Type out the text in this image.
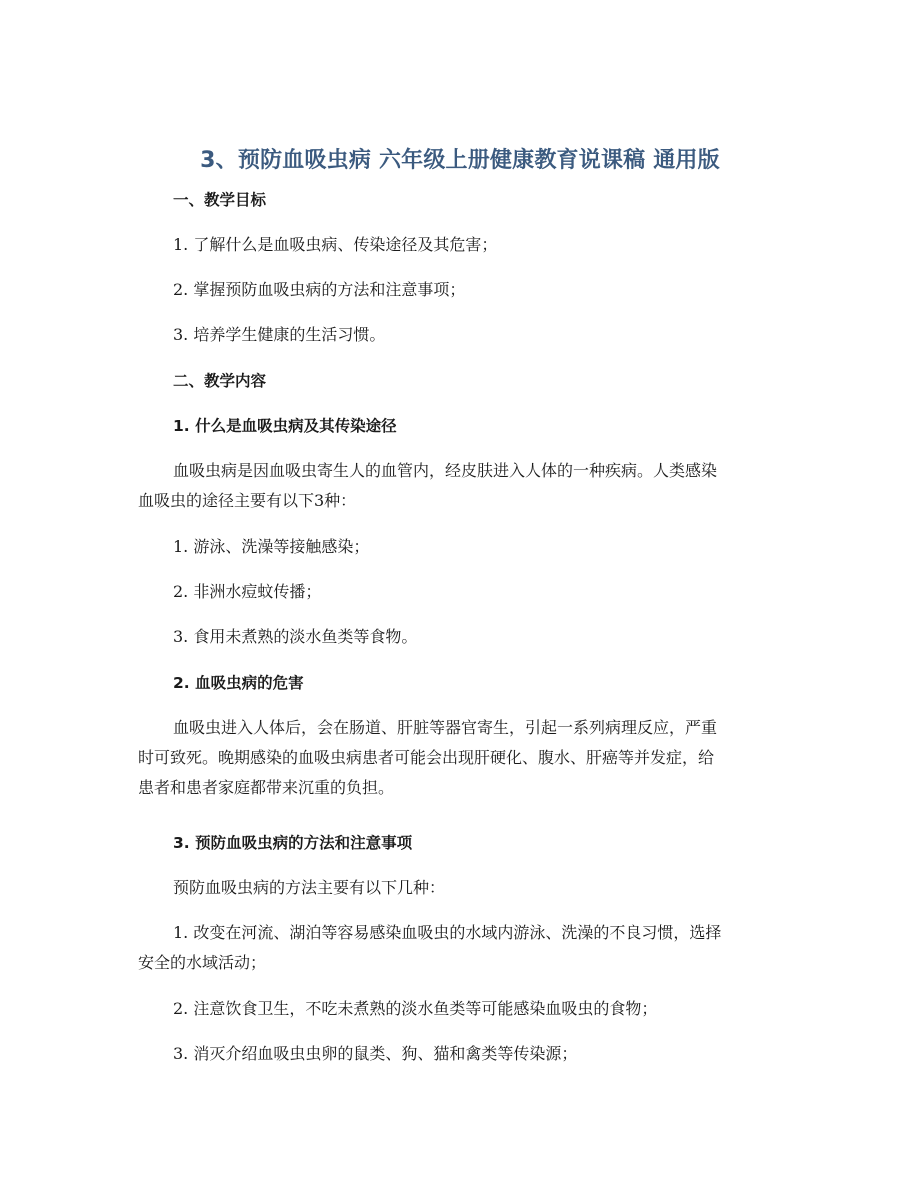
3、预防血吸虫病 六年级上册健康教育说课稿 通用版
一、教学目标
1. 了解什么是血吸虫病、传染途径及其危害；
2. 掌握预防血吸虫病的方法和注意事项；
3. 培养学生健康的生活习惯。
二、教学内容
1. 什么是血吸虫病及其传染途径
血吸虫病是因血吸虫寄生人的血管内，经皮肤进入人体的一种疾病。人类感染
血吸虫的途径主要有以下3种：
1. 游泳、洗澡等接触感染；
2. 非洲水痘蚊传播；
3. 食用未煮熟的淡水鱼类等食物。
2. 血吸虫病的危害
血吸虫进入人体后，会在肠道、肝脏等器官寄生，引起一系列病理反应，严重
时可致死。晚期感染的血吸虫病患者可能会出现肝硬化、腹水、肝癌等并发症，给
患者和患者家庭都带来沉重的负担。
3. 预防血吸虫病的方法和注意事项
预防血吸虫病的方法主要有以下几种：
1. 改变在河流、湖泊等容易感染血吸虫的水域内游泳、洗澡的不良习惯，选择
安全的水域活动；
2. 注意饮食卫生，不吃未煮熟的淡水鱼类等可能感染血吸虫的食物；
3. 消灭介绍血吸虫虫卵的鼠类、狗、猫和禽类等传染源；
